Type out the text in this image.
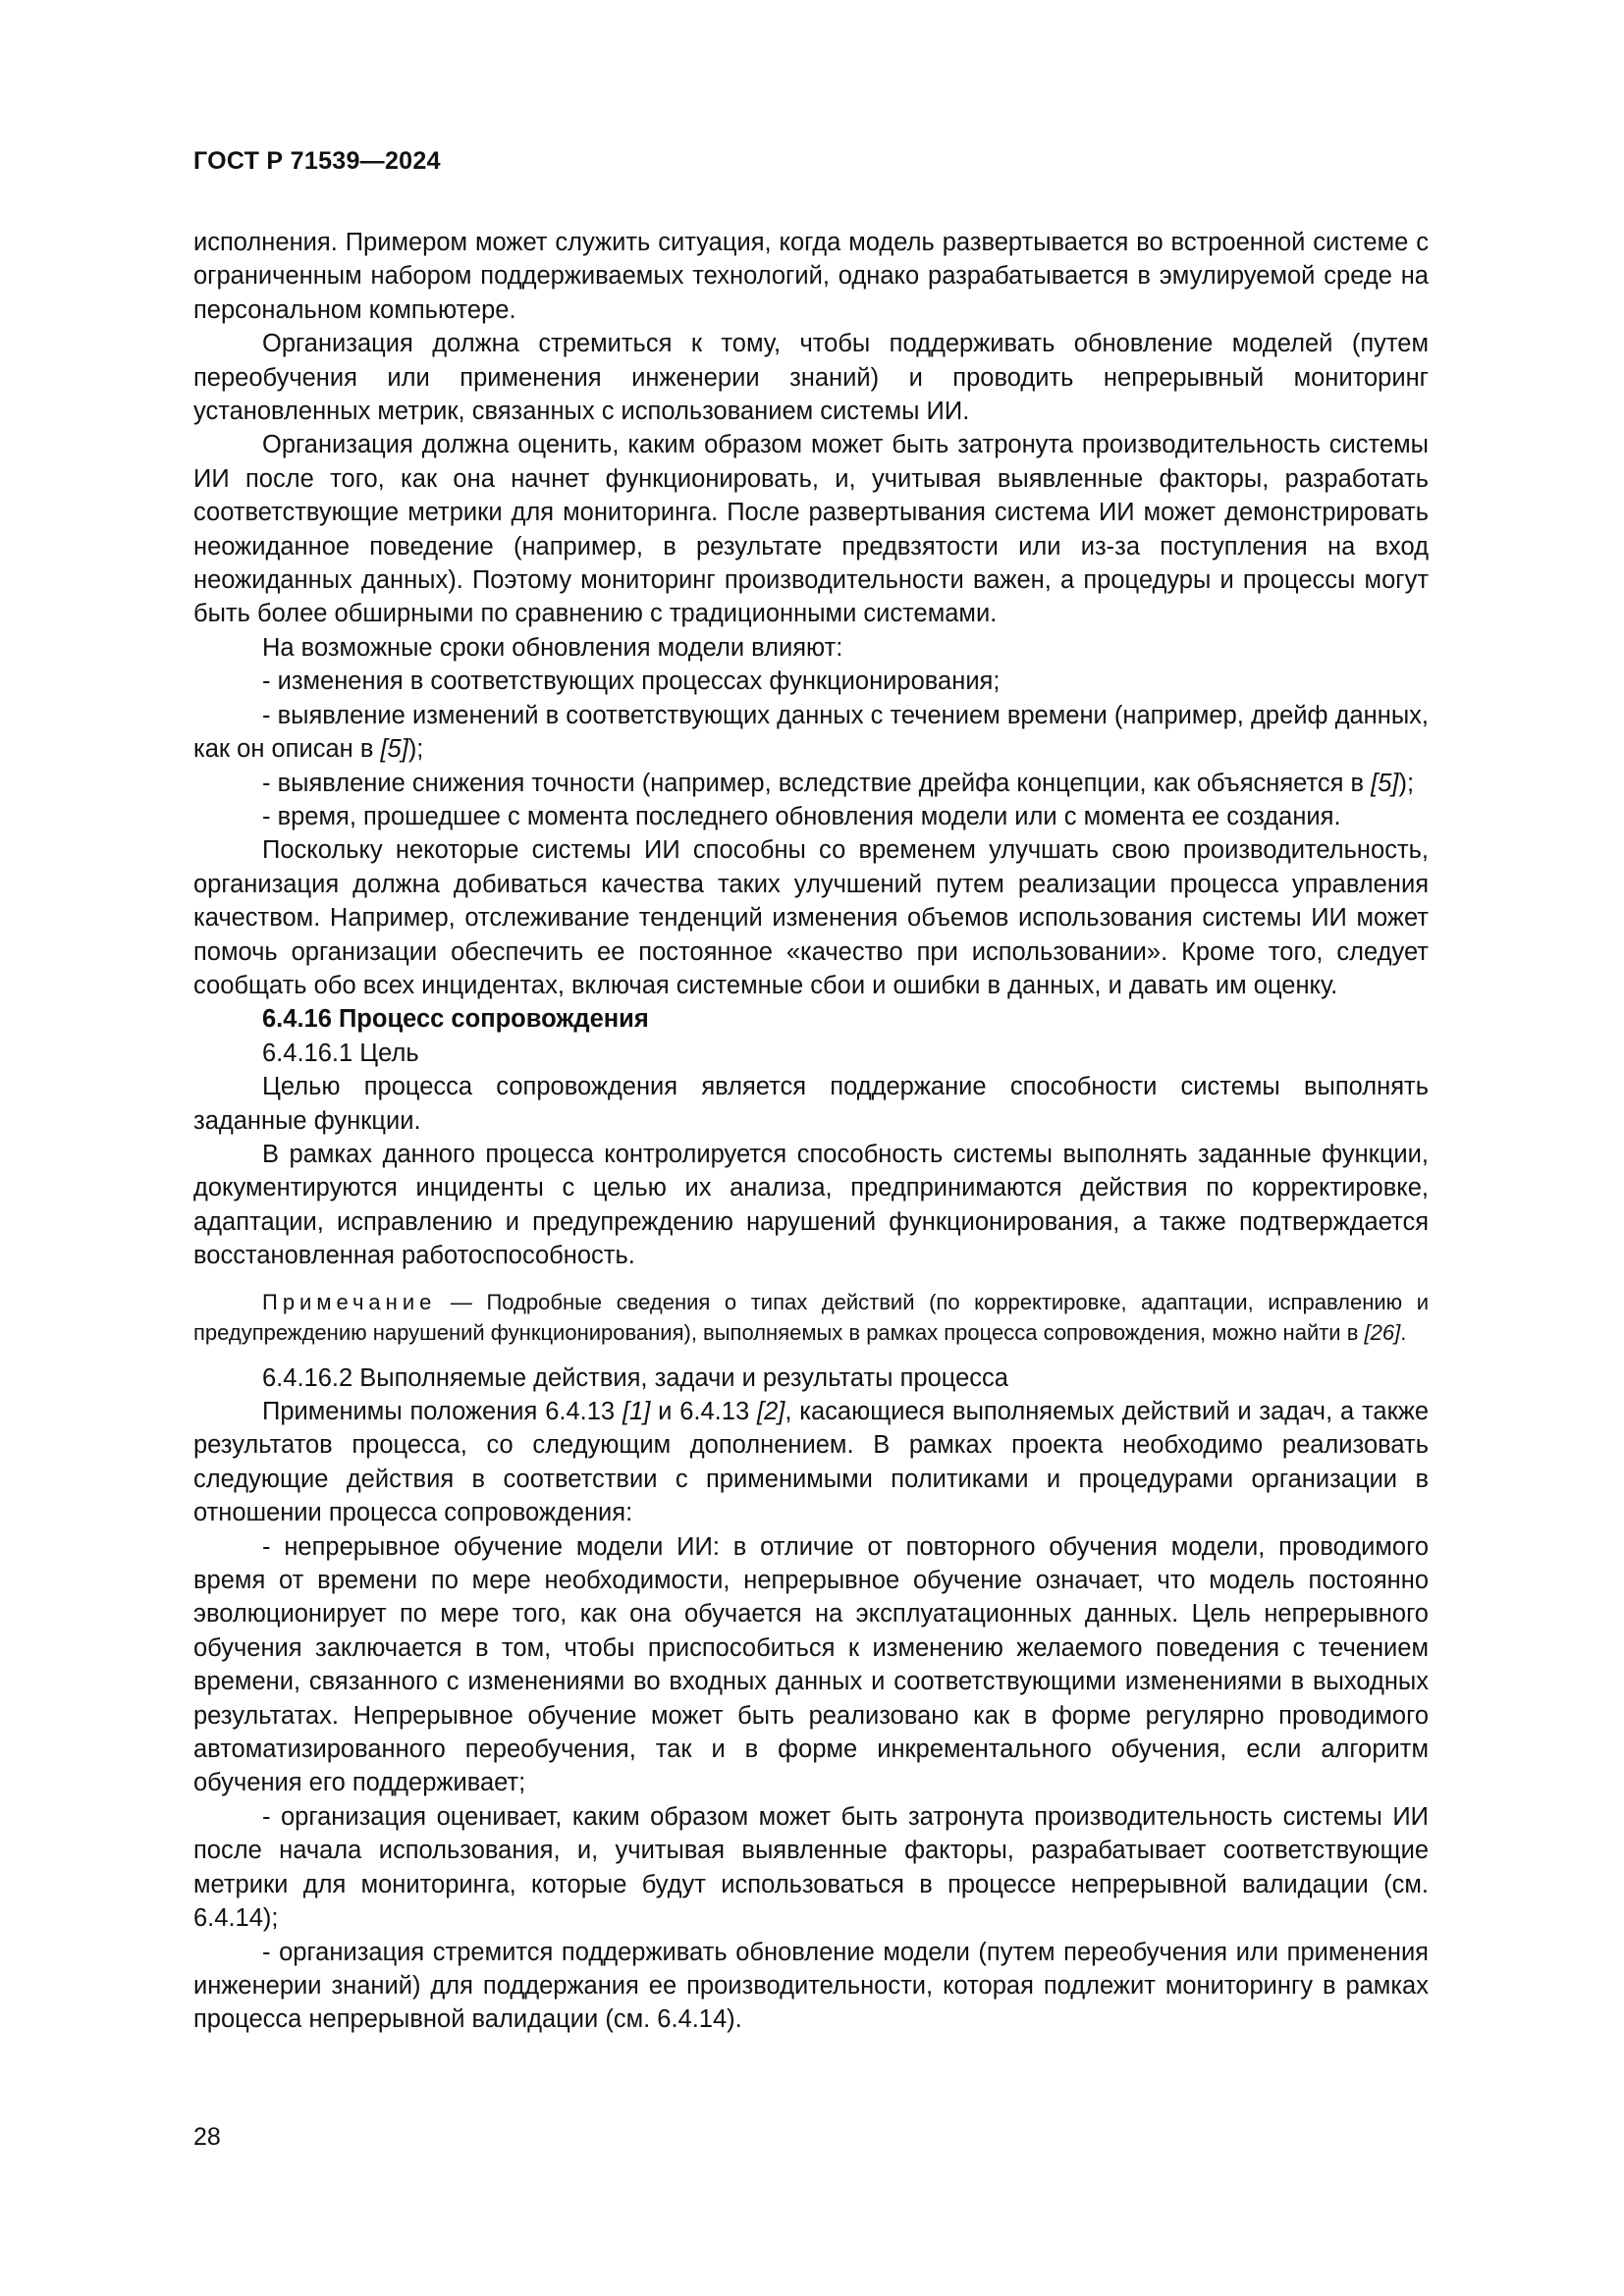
ГОСТ Р 71539—2024

исполнения. Примером может служить ситуация, когда модель развертывается во встроенной системе с ограниченным набором поддерживаемых технологий, однако разрабатывается в эмулируемой среде на персональном компьютере.

Организация должна стремиться к тому, чтобы поддерживать обновление моделей (путем переобучения или применения инженерии знаний) и проводить непрерывный мониторинг установленных метрик, связанных с использованием системы ИИ.

Организация должна оценить, каким образом может быть затронута производительность системы ИИ после того, как она начнет функционировать, и, учитывая выявленные факторы, разработать соответствующие метрики для мониторинга. После развертывания система ИИ может демонстрировать неожиданное поведение (например, в результате предвзятости или из-за поступления на вход неожиданных данных). Поэтому мониторинг производительности важен, а процедуры и процессы могут быть более обширными по сравнению с традиционными системами.

На возможные сроки обновления модели влияют:

- изменения в соответствующих процессах функционирования;

- выявление изменений в соответствующих данных с течением времени (например, дрейф данных, как он описан в [5]);

- выявление снижения точности (например, вследствие дрейфа концепции, как объясняется в [5]);

- время, прошедшее с момента последнего обновления модели или с момента ее создания.

Поскольку некоторые системы ИИ способны со временем улучшать свою производительность, организация должна добиваться качества таких улучшений путем реализации процесса управления качеством. Например, отслеживание тенденций изменения объемов использования системы ИИ может помочь организации обеспечить ее постоянное «качество при использовании». Кроме того, следует сообщать обо всех инцидентах, включая системные сбои и ошибки в данных, и давать им оценку.

6.4.16 Процесс сопровождения

6.4.16.1 Цель

Целью процесса сопровождения является поддержание способности системы выполнять заданные функции.

В рамках данного процесса контролируется способность системы выполнять заданные функции, документируются инциденты с целью их анализа, предпринимаются действия по корректировке, адаптации, исправлению и предупреждению нарушений функционирования, а также подтверждается восстановленная работоспособность.

Примечание — Подробные сведения о типах действий (по корректировке, адаптации, исправлению и предупреждению нарушений функционирования), выполняемых в рамках процесса сопровождения, можно найти в [26].

6.4.16.2 Выполняемые действия, задачи и результаты процесса

Применимы положения 6.4.13 [1] и 6.4.13 [2], касающиеся выполняемых действий и задач, а также результатов процесса, со следующим дополнением. В рамках проекта необходимо реализовать следующие действия в соответствии с применимыми политиками и процедурами организации в отношении процесса сопровождения:

- непрерывное обучение модели ИИ: в отличие от повторного обучения модели, проводимого время от времени по мере необходимости, непрерывное обучение означает, что модель постоянно эволюционирует по мере того, как она обучается на эксплуатационных данных. Цель непрерывного обучения заключается в том, чтобы приспособиться к изменению желаемого поведения с течением времени, связанного с изменениями во входных данных и соответствующими изменениями в выходных результатах. Непрерывное обучение может быть реализовано как в форме регулярно проводимого автоматизированного переобучения, так и в форме инкрементального обучения, если алгоритм обучения его поддерживает;

- организация оценивает, каким образом может быть затронута производительность системы ИИ после начала использования, и, учитывая выявленные факторы, разрабатывает соответствующие метрики для мониторинга, которые будут использоваться в процессе непрерывной валидации (см. 6.4.14);

- организация стремится поддерживать обновление модели (путем переобучения или применения инженерии знаний) для поддержания ее производительности, которая подлежит мониторингу в рамках процесса непрерывной валидации (см. 6.4.14).

28
